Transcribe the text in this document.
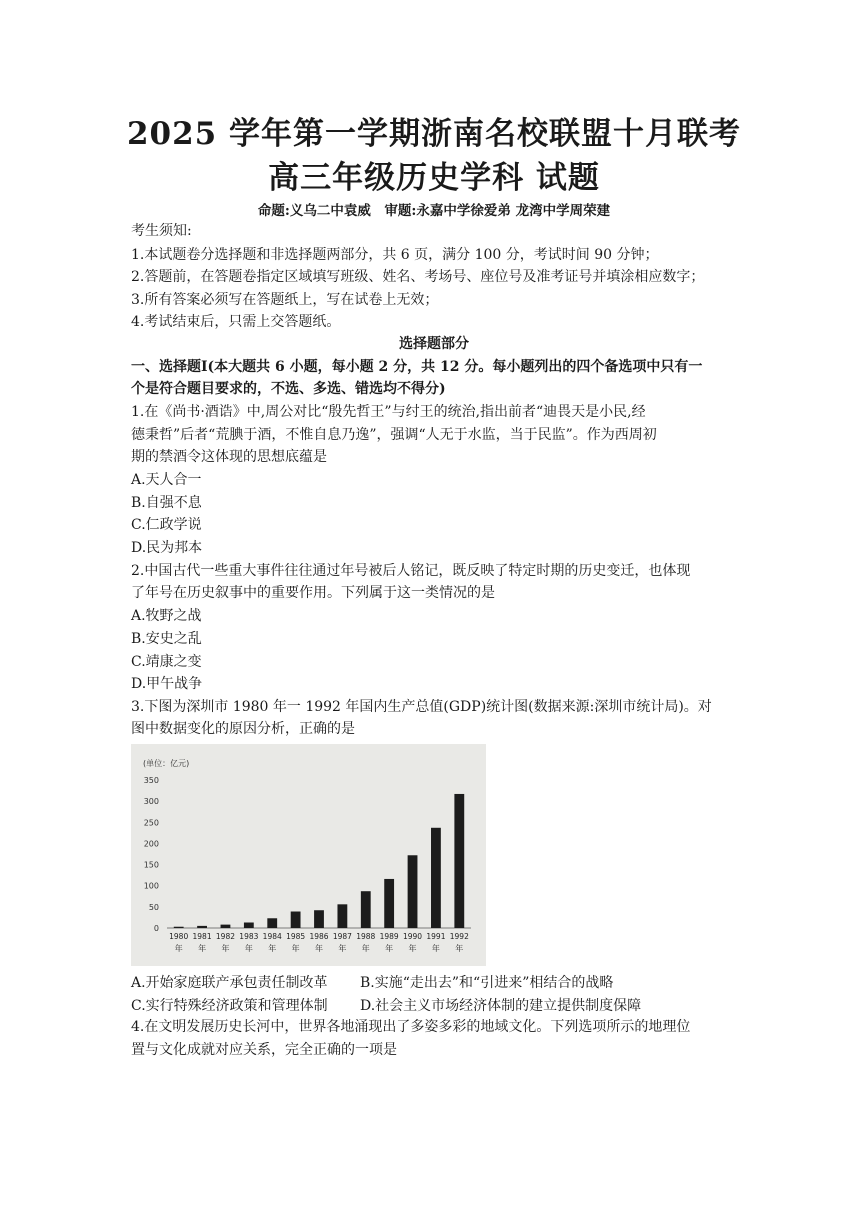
2025 学年第一学期浙南名校联盟十月联考
高三年级历史学科 试题
命题:义乌二中袁威　审题:永嘉中学徐爱弟 龙湾中学周荣建
考生须知:
1.本试题卷分选择题和非选择题两部分，共 6 页，满分 100 分，考试时间 90 分钟；
2.答题前，在答题卷指定区域填写班级、姓名、考场号、座位号及准考证号并填涂相应数字；
3.所有答案必须写在答题纸上，写在试卷上无效；
4.考试结束后，只需上交答题纸。
选择题部分
一、选择题Ⅰ(本大题共 6 小题，每小题 2 分，共 12 分。每小题列出的四个备选项中只有一
个是符合题目要求的，不选、多选、错选均不得分)
1.在《尚书·酒诰》中,周公对比“殷先哲王”与纣王的统治,指出前者“迪畏天是小民,经
德秉哲”后者“荒腆于酒，不惟自息乃逸”，强调“人无于水监，当于民监”。作为西周初
期的禁酒令这体现的思想底蕴是
A.天人合一
B.自强不息
C.仁政学说
D.民为邦本
2.中国古代一些重大事件往往通过年号被后人铭记，既反映了特定时期的历史变迁，也体现
了年号在历史叙事中的重要作用。下列属于这一类情况的是
A.牧野之战
B.安史之乱
C.靖康之变
D.甲午战争
3.下图为深圳市 1980 年一 1992 年国内生产总值(GDP)统计图(数据来源:深圳市统计局)。对
图中数据变化的原因分析，正确的是
(单位：亿元)
0
50
100
150
200
250
300
350
1980
年
1981
年
1982
年
1983
年
1984
年
1985
年
1986
年
1987
年
1988
年
1989
年
1990
年
1991
年
1992
年
A.开始家庭联产承包责任制改革 B.实施“走出去”和“引进来”相结合的战略
C.实行特殊经济政策和管理体制 D.社会主义市场经济体制的建立提供制度保障
4.在文明发展历史长河中，世界各地涌现出了多姿多彩的地域文化。下列选项所示的地理位
置与文化成就对应关系，完全正确的一项是
